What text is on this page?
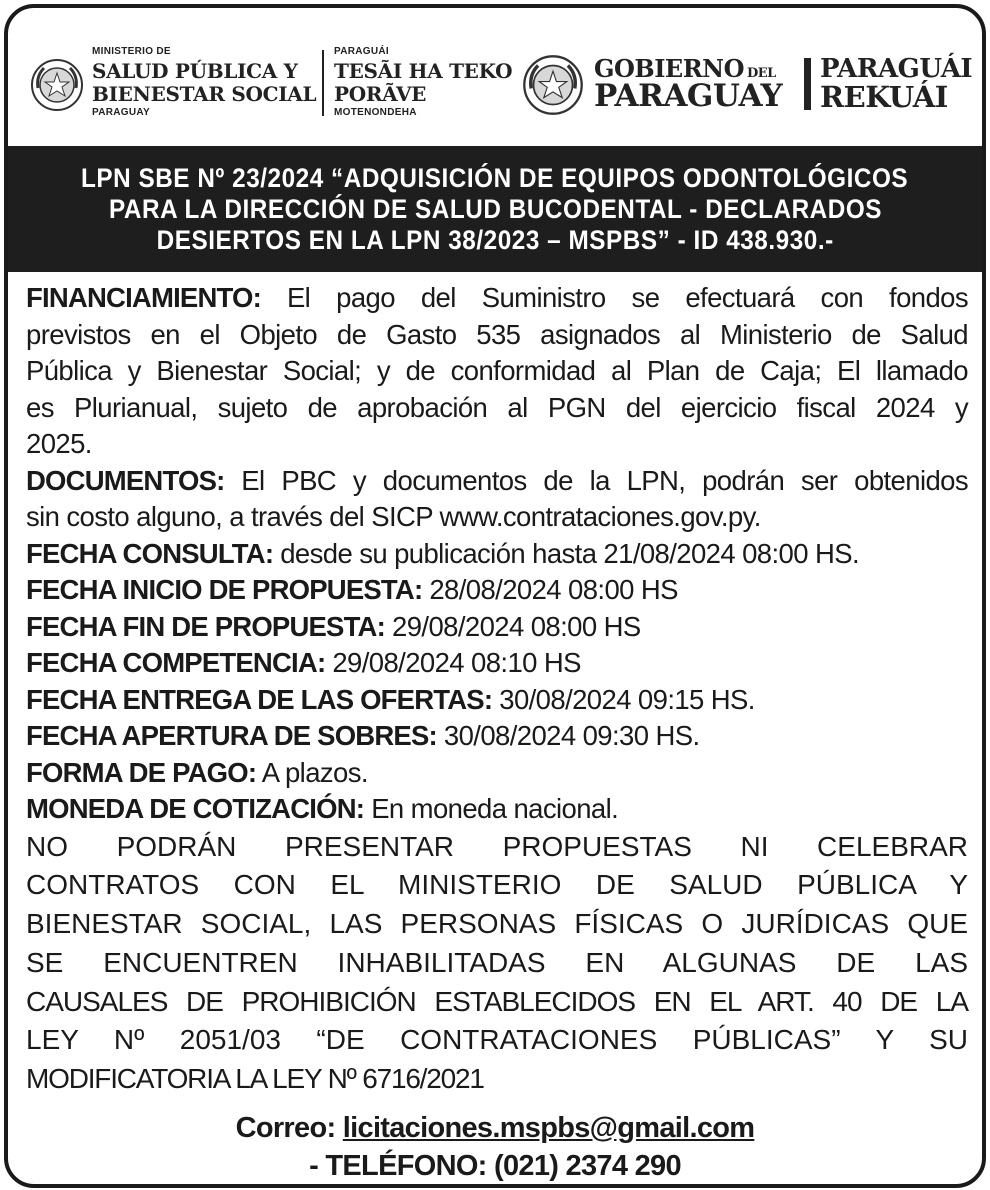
MINISTERIO DE
SALUD PÚBLICA Y
BIENESTAR SOCIAL
PARAGUAY
PARAGUÁI
TESÃI HA TEKO
PORÃVE
MOTENONDEHA
GOBIERNO DEL
PARAGUAY
PARAGUÁI
REKUÁI
LPN SBE Nº 23/2024 “ADQUISICIÓN DE EQUIPOS ODONTOLÓGICOS
PARA LA DIRECCIÓN DE SALUD BUCODENTAL - DECLARADOS
DESIERTOS EN LA LPN 38/2023 – MSPBS” - ID 438.930.-
FINANCIAMIENTO: El pago del Suministro se efectuará con fondos
previstos en el Objeto de Gasto 535 asignados al Ministerio de Salud
Pública y Bienestar Social; y de conformidad al Plan de Caja; El llamado
es Plurianual, sujeto de aprobación al PGN del ejercicio fiscal 2024 y
2025.
DOCUMENTOS: El PBC y documentos de la LPN, podrán ser obtenidos
sin costo alguno, a través del SICP www.contrataciones.gov.py.
FECHA CONSULTA: desde su publicación hasta 21/08/2024 08:00 HS.
FECHA INICIO DE PROPUESTA: 28/08/2024 08:00 HS
FECHA FIN DE PROPUESTA: 29/08/2024 08:00 HS
FECHA COMPETENCIA: 29/08/2024 08:10 HS
FECHA ENTREGA DE LAS OFERTAS: 30/08/2024 09:15 HS.
FECHA APERTURA DE SOBRES: 30/08/2024 09:30 HS.
FORMA DE PAGO: A plazos.
MONEDA DE COTIZACIÓN: En moneda nacional.
NO PODRÁN PRESENTAR PROPUESTAS NI CELEBRAR
CONTRATOS CON EL MINISTERIO DE SALUD PÚBLICA Y
BIENESTAR SOCIAL, LAS PERSONAS FÍSICAS O JURÍDICAS QUE
SE ENCUENTREN INHABILITADAS EN ALGUNAS DE LAS
CAUSALES DE PROHIBICIÓN ESTABLECIDOS EN EL ART. 40 DE LA
LEY Nº 2051/03 “DE CONTRATACIONES PÚBLICAS” Y SU
MODIFICATORIA LA LEY Nº 6716/2021
Correo: licitaciones.mspbs@gmail.com
- TELÉFONO: (021) 2374 290
